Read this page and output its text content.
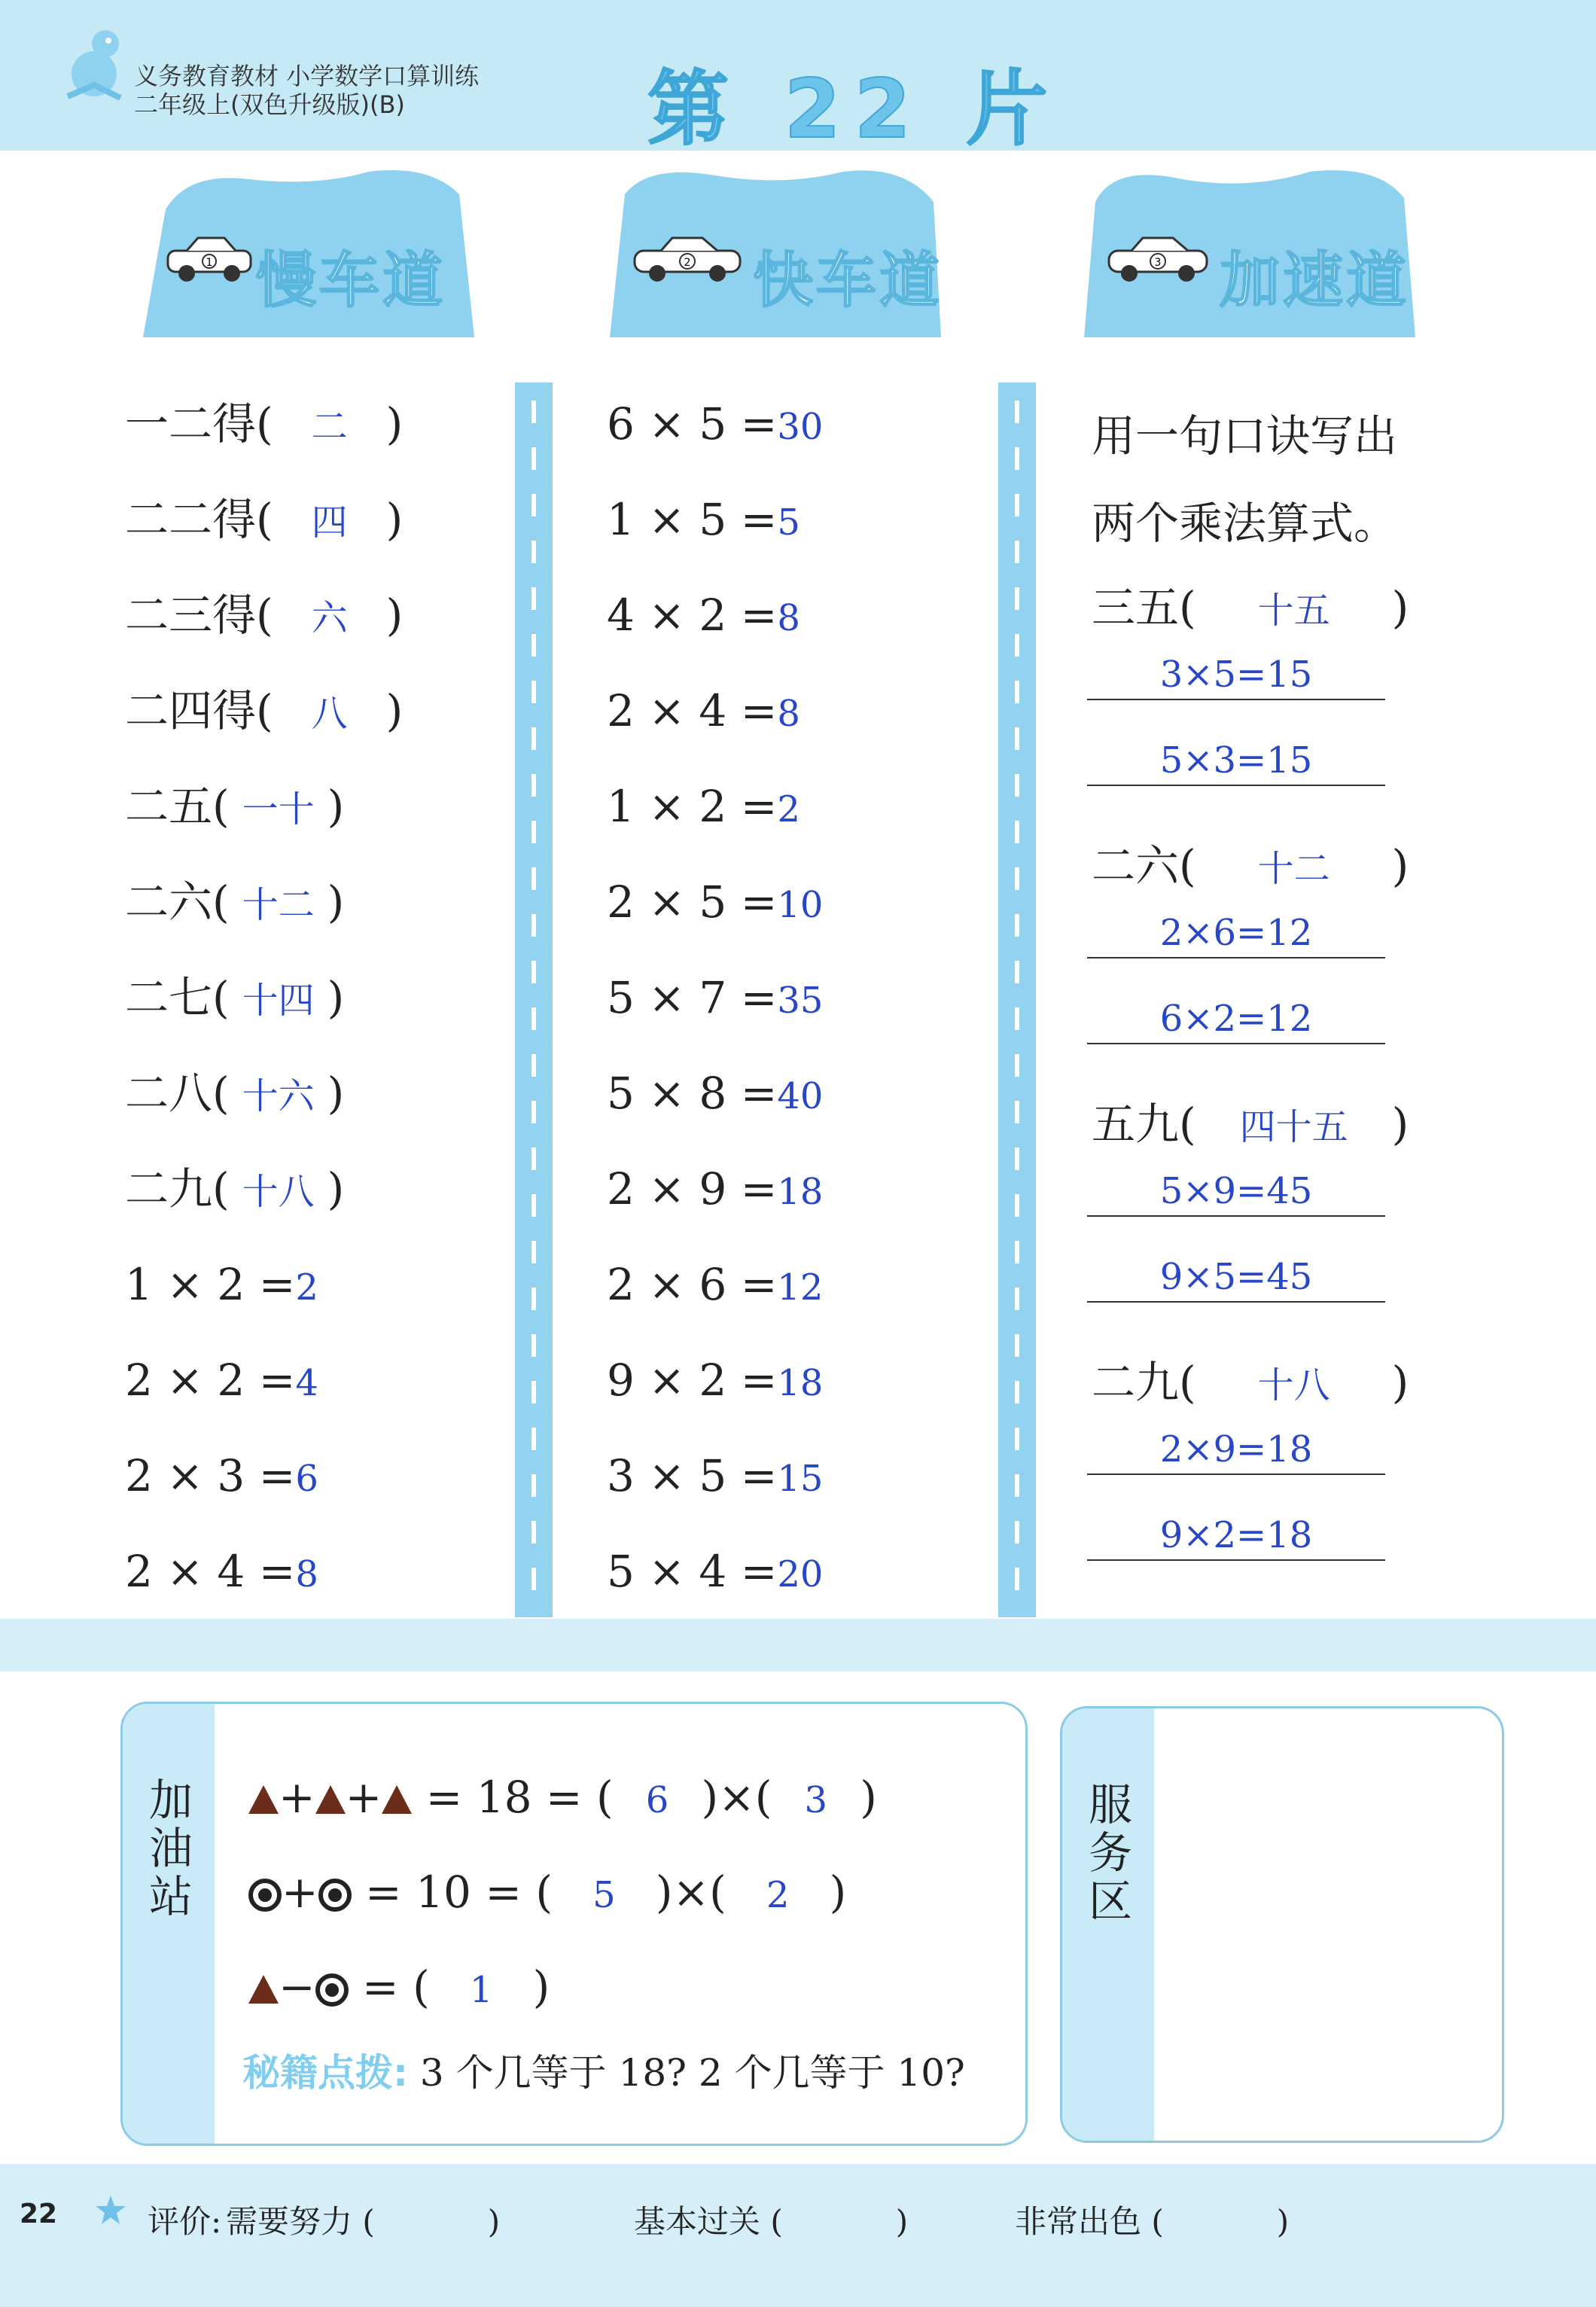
义务教育教材 小学数学口算训练
二年级上(双色升级版)(B)	第 22 片
1 慢车道	2 快车道	3 加速道
一二得( 二 )
二二得( 四 )
二三得( 六 )
二四得( 八 )
二五( 一十 )
二六( 十二 )
二七( 十四 )
二八( 十六 )
二九( 十八 )
1 × 2 =2
2 × 2 =4
2 × 3 =6
2 × 4 =8
6 × 5 =30
1 × 5 =5
4 × 2 =8
2 × 4 =8
1 × 2 =2
2 × 5 =10
5 × 7 =35
5 × 8 =40
2 × 9 =18
2 × 6 =12
9 × 2 =18
3 × 5 =15
5 × 4 =20
用一句口诀写出
两个乘法算式。
三五( 十五 )
3×5=15
5×3=15
二六( 十二 )
2×6=12
6×2=12
五九( 四十五 )
5×9=45
9×5=45
二九( 十八 )
2×9=18
9×2=18
加
油
站
+ + = 18 = ( 6 )×( 3 )
+ = 10 = ( 5 )×( 2 )
− = ( 1 )
秘籍点拨: 3 个几等于 18? 2 个几等于 10?
服
务
区
22	评价: 需要努力 (	)	基本过关 (	)	非常出色 (	)
